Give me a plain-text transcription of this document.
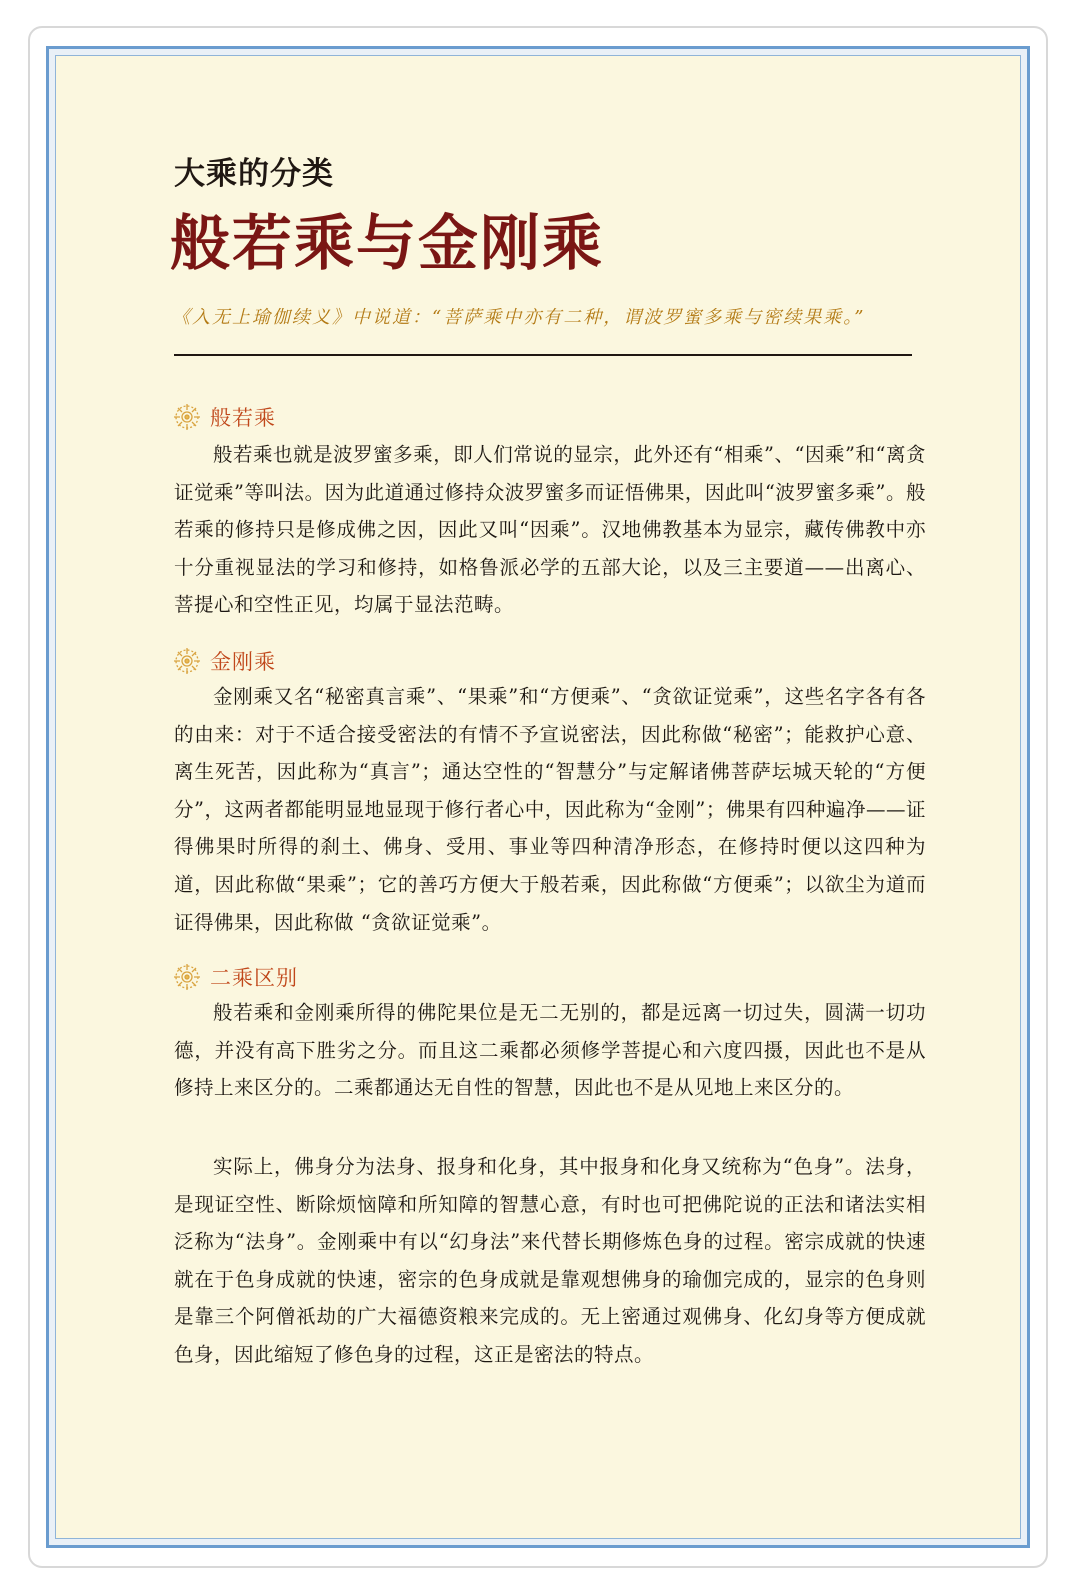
大乘的分类
般若乘与金刚乘
《入无上瑜伽续义》中说道：“菩萨乘中亦有二种，谓波罗蜜多乘与密续果乘。”
般若乘

般若乘也就是波罗蜜多乘，即人们常说的显宗，此外还有“相乘”、“因乘”和“离贪证觉乘”等叫法。因为此道通过修持众波罗蜜多而证悟佛果，因此叫“波罗蜜多乘”。般若乘的修持只是修成佛之因，因此又叫“因乘”。汉地佛教基本为显宗，藏传佛教中亦十分重视显法的学习和修持，如格鲁派必学的五部大论，以及三主要道——出离心、菩提心和空性正见，均属于显法范畴。

金刚乘

金刚乘又名“秘密真言乘”、“果乘”和“方便乘”、“贪欲证觉乘”，这些名字各有各的由来：对于不适合接受密法的有情不予宣说密法，因此称做“秘密”；能救护心意、离生死苦，因此称为“真言”；通达空性的“智慧分”与定解诸佛菩萨坛城天轮的“方便分”，这两者都能明显地显现于修行者心中，因此称为“金刚”；佛果有四种遍净——证得佛果时所得的刹土、佛身、受用、事业等四种清净形态，在修持时便以这四种为道，因此称做“果乘”；它的善巧方便大于般若乘，因此称做“方便乘”；以欲尘为道而证得佛果，因此称做 “贪欲证觉乘”。

二乘区别

般若乘和金刚乘所得的佛陀果位是无二无别的，都是远离一切过失，圆满一切功德，并没有高下胜劣之分。而且这二乘都必须修学菩提心和六度四摄，因此也不是从修持上来区分的。二乘都通达无自性的智慧，因此也不是从见地上来区分的。

实际上，佛身分为法身、报身和化身，其中报身和化身又统称为“色身”。法身，是现证空性、断除烦恼障和所知障的智慧心意，有时也可把佛陀说的正法和诸法实相泛称为“法身”。金刚乘中有以“幻身法”来代替长期修炼色身的过程。密宗成就的快速就在于色身成就的快速，密宗的色身成就是靠观想佛身的瑜伽完成的，显宗的色身则是靠三个阿僧祇劫的广大福德资粮来完成的。无上密通过观佛身、化幻身等方便成就色身，因此缩短了修色身的过程，这正是密法的特点。
